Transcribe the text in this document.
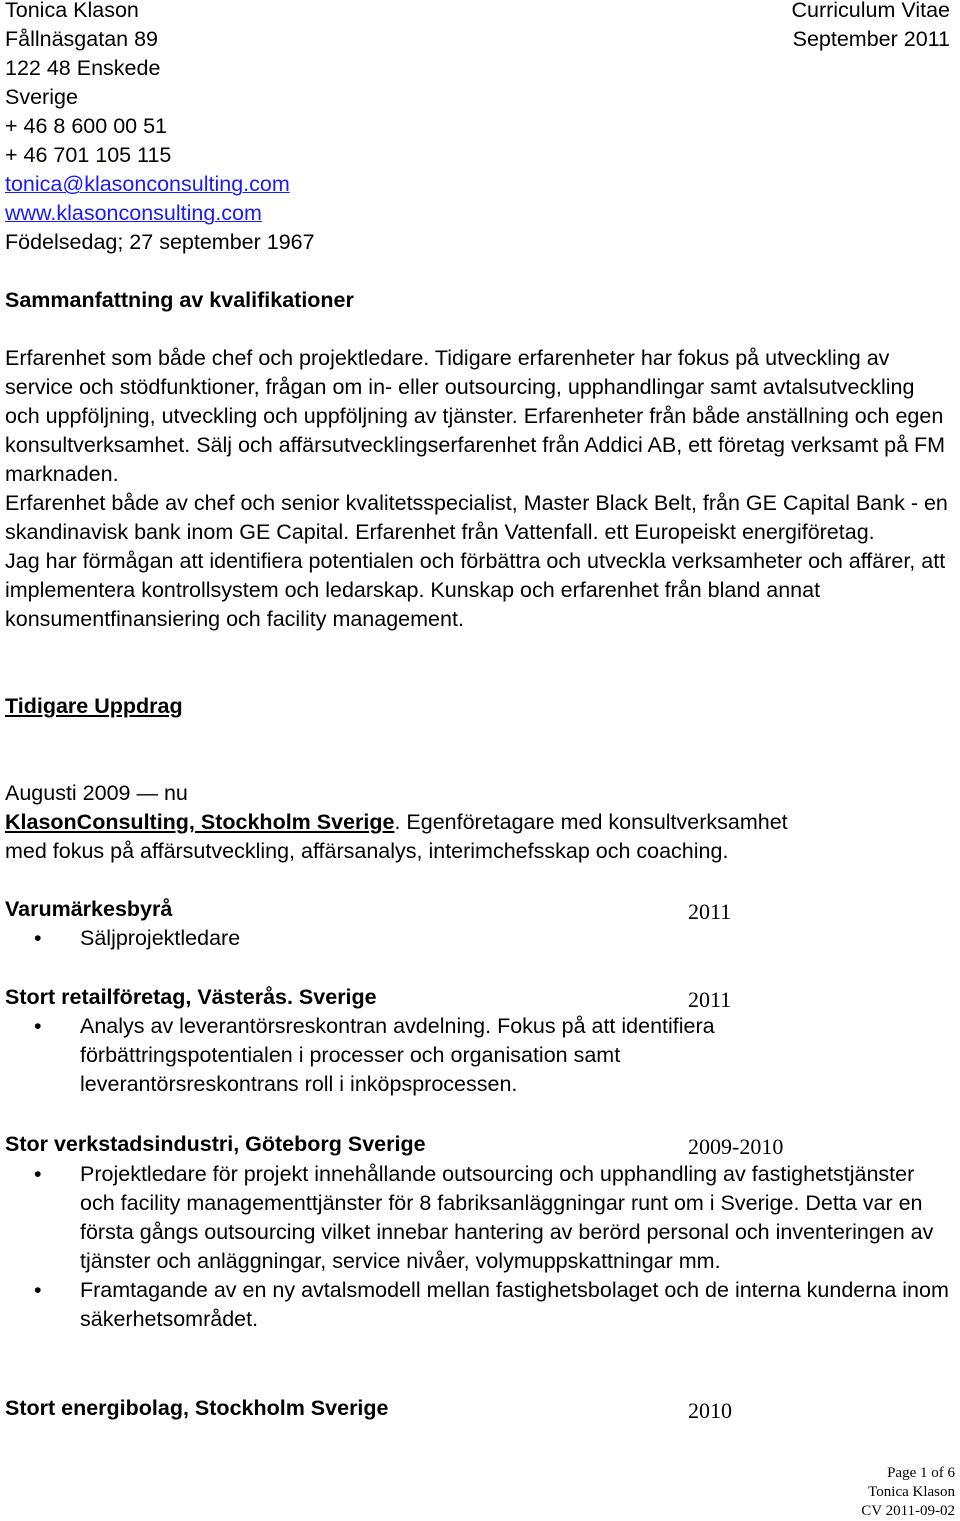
Tonica Klason
Fållnäsgatan 89
122 48 Enskede
Sverige
+ 46 8 600 00 51
+ 46 701 105 115
tonica@klasonconsulting.com
www.klasonconsulting.com
Födelsedag; 27 september 1967
Curriculum Vitae
September 2011
Sammanfattning av kvalifikationer
Erfarenhet som både chef och projektledare. Tidigare erfarenheter har fokus på utveckling av service och stödfunktioner, frågan om in- eller outsourcing, upphandlingar samt avtalsutveckling och uppföljning, utveckling och uppföljning av tjänster. Erfarenheter från både anställning och egen konsultverksamhet. Sälj och affärsutvecklingserfarenhet från Addici AB, ett företag verksamt på FM marknaden.
Erfarenhet både av chef och senior kvalitetsspecialist, Master Black Belt, från GE Capital Bank - en skandinavisk bank inom GE Capital. Erfarenhet från Vattenfall. ett Europeiskt energiföretag.
Jag har förmågan att identifiera potentialen och förbättra och utveckla verksamheter och affärer, att implementera kontrollsystem och ledarskap. Kunskap och erfarenhet från bland annat konsumentfinansiering och facility management.
Tidigare Uppdrag
Augusti 2009 — nu
KlasonConsulting, Stockholm Sverige. Egenföretagare med konsultverksamhet
med fokus på affärsutveckling, affärsanalys, interimchefsskap och coaching.
Varumärkesbyrå	2011
• Säljprojektledare
Stort retailföretag, Västerås. Sverige	2011
• Analys av leverantörsreskontran avdelning. Fokus på att identifiera förbättringspotentialen i processer och organisation samt leverantörsreskontrans roll i inköpsprocessen.
Stor verkstadsindustri, Göteborg Sverige	2009-2010
• Projektledare för projekt innehållande outsourcing och upphandling av fastighetstjänster och facility managementtjänster för 8 fabriksanläggningar runt om i Sverige. Detta var en första gångs outsourcing vilket innebar hantering av berörd personal och inventeringen av tjänster och anläggningar, service nivåer, volymuppskattningar mm.
• Framtagande av en ny avtalsmodell mellan fastighetsbolaget och de interna kunderna inom säkerhetsområdet.
Stort energibolag, Stockholm Sverige	2010
Page 1 of 6
Tonica Klason
CV 2011-09-02
